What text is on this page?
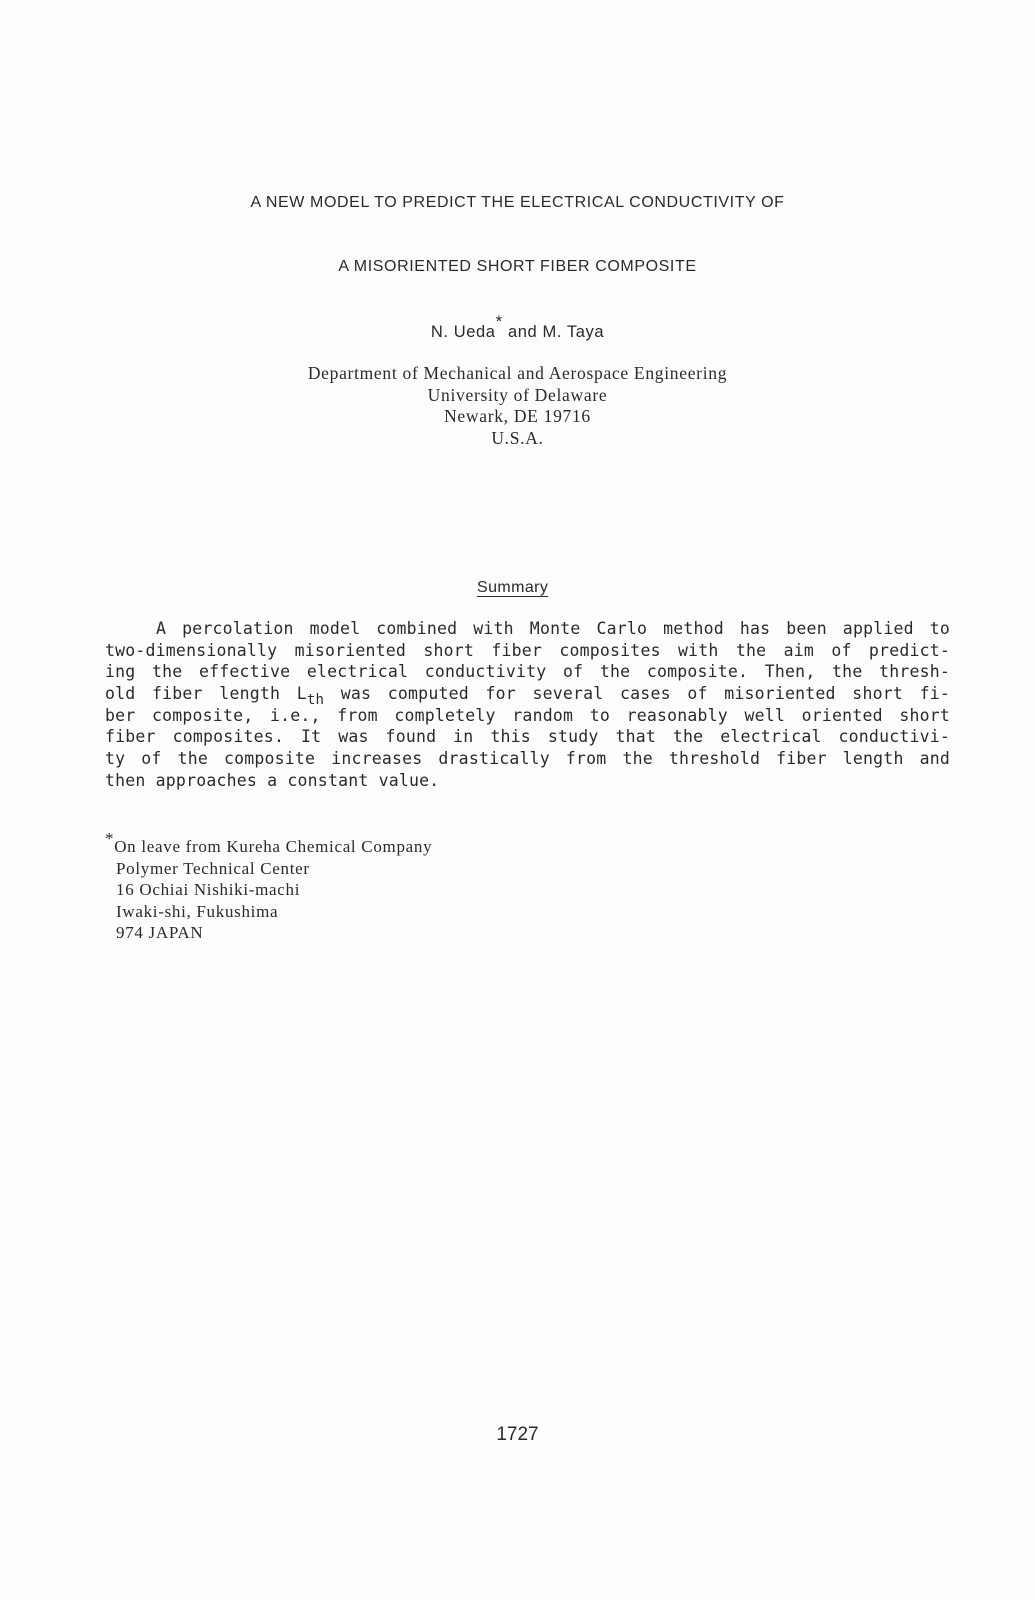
A NEW MODEL TO PREDICT THE ELECTRICAL CONDUCTIVITY OF
A MISORIENTED SHORT FIBER COMPOSITE
N. Ueda* and M. Taya
Department of Mechanical and Aerospace Engineering
University of Delaware
Newark, DE 19716
U.S.A.
Summary
A percolation model combined with Monte Carlo method has been applied to
two-dimensionally misoriented short fiber composites with the aim of predict-
ing the effective electrical conductivity of the composite. Then, the thresh-
old fiber length $L_{th}$ was computed for several cases of misoriented short fi-
ber composite, i.e., from completely random to reasonably well oriented short
fiber composites. It was found in this study that the electrical conductivi-
ty of the composite increases drastically from the threshold fiber length and
then approaches a constant value.
*On leave from Kureha Chemical Company
Polymer Technical Center
16 Ochiai Nishiki-machi
Iwaki-shi, Fukushima
974 JAPAN
1727
